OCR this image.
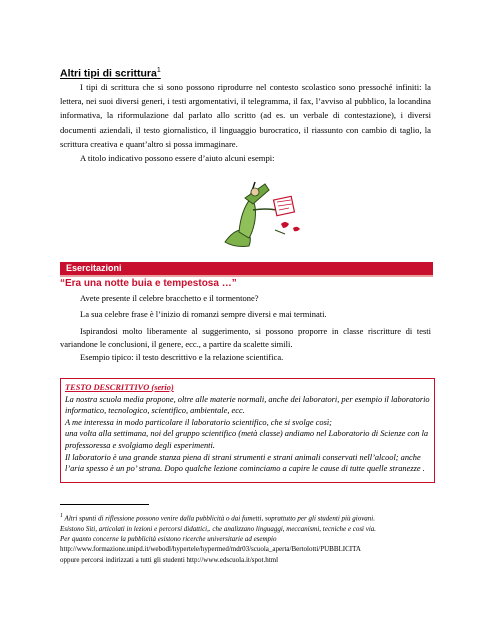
Altri tipi di scrittura$^1$
I tipi di scrittura che si sono possono riprodurre nel contesto scolastico sono pressoché infiniti: la lettera, nei suoi diversi generi, i testi argomentativi, il telegramma, il fax, l’avviso al pubblico, la locandina informativa, la riformulazione dal parlato allo scritto (ad es. un verbale di contestazione), i diversi documenti aziendali, il testo giornalistico, il linguaggio burocratico, il riassunto con cambio di taglio, la scrittura creativa e quant’altro si possa immaginare.
A titolo indicativo possono essere d’aiuto alcuni esempi:
Esercitazioni
“Era una notte buia e tempestosa …”
Avete presente il celebre bracchetto e il tormentone?
La sua celebre frase è l’inizio di romanzi sempre diversi e mai terminati.
Ispirandosi molto liberamente al suggerimento, si possono proporre in classe riscritture di testi variandone le conclusioni, il genere, ecc., a partire da scalette simili.
Esempio tipico: il testo descrittivo e la relazione scientifica.
TESTO DESCRITTIVO (serio)
La nostra scuola media propone, oltre alle materie normali, anche dei laboratori, per esempio il laboratorio informatico, tecnologico, scientifico, ambientale, ecc.
A me interessa in modo particolare il laboratorio scientifico, che si svolge così;
una volta alla settimana, noi del gruppo scientifico (metà classe) andiamo nel Laboratorio di Scienze con la professoressa e svolgiamo degli esperimenti.
Il laboratorio è una grande stanza piena di strani strumenti e strani animali conservati nell’alcool; anche l’aria spesso è un po’ strana. Dopo qualche lezione cominciamo a capire le cause di tutte quelle stranezze .
$^1$ Altri spunti di riflessione possono venire dalla pubblicità o dai fumetti, soprattutto per gli studenti più giovani.
Esistono Siti, articolati in lezioni e percorsi didattici,. che analizzano linguaggi, meccanismi, tecniche e così via.
Per quanto concerne la pubblicità esistono ricerche universitarie ad esempio
http://www.formazione.unipd.it/webodl/hypertele/hypermed/mdr03/scuola_aperta/Bertolotti/PUBBLICITA
oppure percorsi indirizzati a tutti gli studenti http://www.edscuola.it/spot.html
